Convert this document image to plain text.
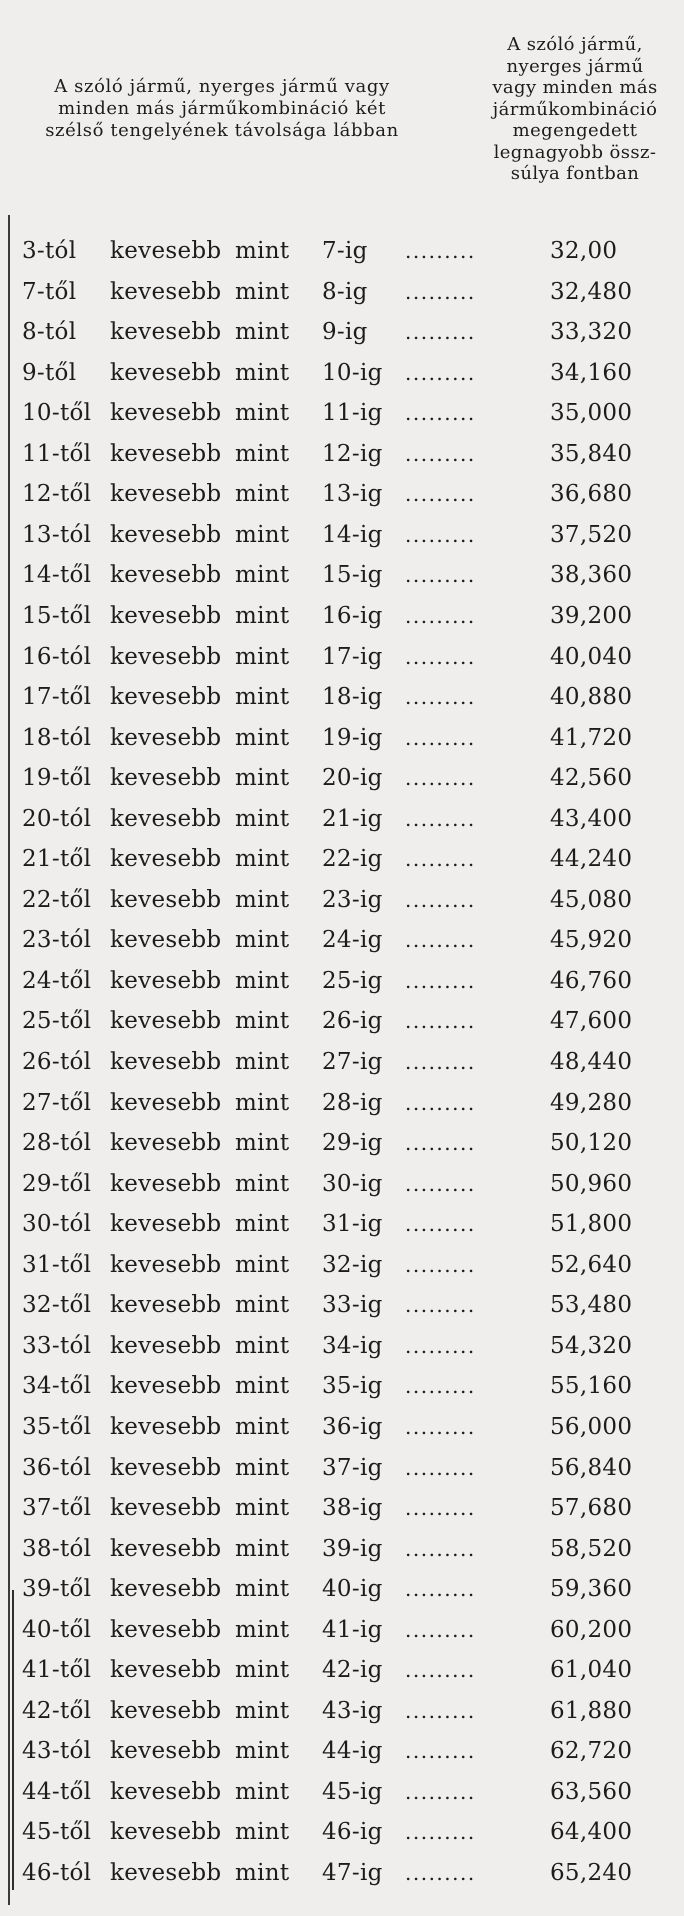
A szóló jármű, nyerges jármű vagy
minden más járműkombináció két
szélső tengelyének távolsága lábban
A szóló jármű,
nyerges jármű
vagy minden más
járműkombináció
megengedett
legnagyobb össz-
súlya fontban
3-tól kevesebb mint 7-ig .........	32,00
7-től kevesebb mint 8-ig .........	32,480
8-tól kevesebb mint 9-ig .........	33,320
9-től kevesebb mint 10-ig .........	34,160
10-től kevesebb mint 11-ig .........	35,000
11-től kevesebb mint 12-ig .........	35,840
12-től kevesebb mint 13-ig .........	36,680
13-tól kevesebb mint 14-ig .........	37,520
14-től kevesebb mint 15-ig .........	38,360
15-től kevesebb mint 16-ig .........	39,200
16-tól kevesebb mint 17-ig .........	40,040
17-től kevesebb mint 18-ig .........	40,880
18-tól kevesebb mint 19-ig .........	41,720
19-től kevesebb mint 20-ig .........	42,560
20-tól kevesebb mint 21-ig .........	43,400
21-től kevesebb mint 22-ig .........	44,240
22-től kevesebb mint 23-ig .........	45,080
23-tól kevesebb mint 24-ig .........	45,920
24-től kevesebb mint 25-ig .........	46,760
25-től kevesebb mint 26-ig .........	47,600
26-tól kevesebb mint 27-ig .........	48,440
27-től kevesebb mint 28-ig .........	49,280
28-tól kevesebb mint 29-ig .........	50,120
29-től kevesebb mint 30-ig .........	50,960
30-tól kevesebb mint 31-ig .........	51,800
31-től kevesebb mint 32-ig .........	52,640
32-től kevesebb mint 33-ig .........	53,480
33-tól kevesebb mint 34-ig .........	54,320
34-től kevesebb mint 35-ig .........	55,160
35-től kevesebb mint 36-ig .........	56,000
36-tól kevesebb mint 37-ig .........	56,840
37-től kevesebb mint 38-ig .........	57,680
38-tól kevesebb mint 39-ig .........	58,520
39-től kevesebb mint 40-ig .........	59,360
40-től kevesebb mint 41-ig .........	60,200
41-től kevesebb mint 42-ig .........	61,040
42-től kevesebb mint 43-ig .........	61,880
43-tól kevesebb mint 44-ig .........	62,720
44-től kevesebb mint 45-ig .........	63,560
45-től kevesebb mint 46-ig .........	64,400
46-tól kevesebb mint 47-ig .........	65,240
